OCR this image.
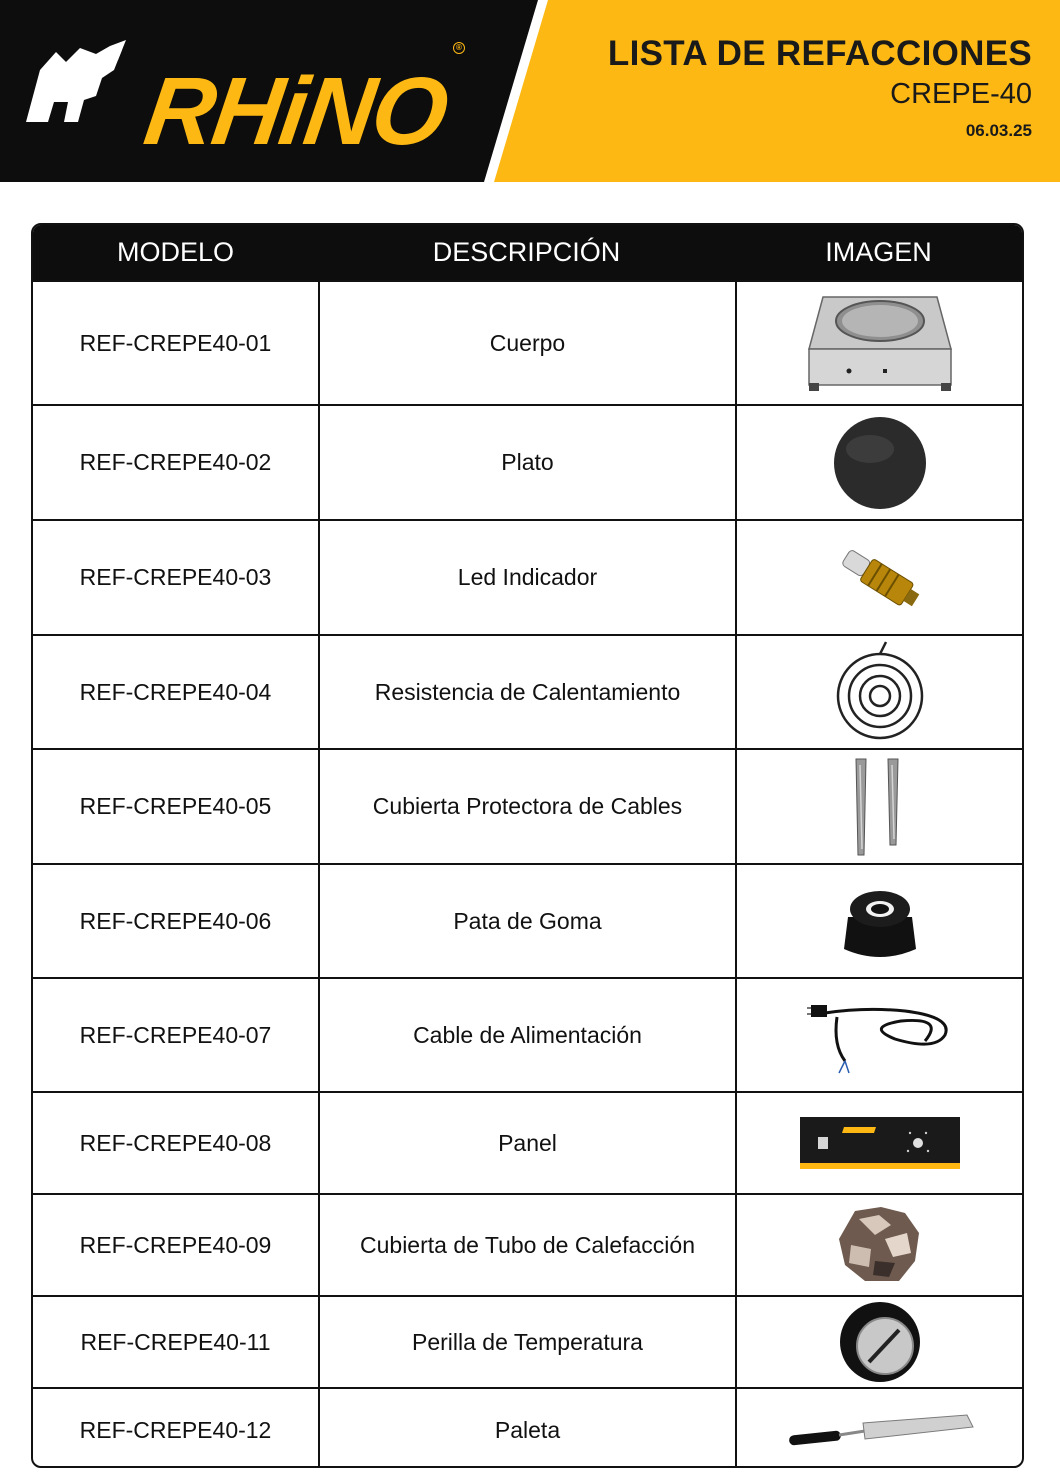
RHiNO
®	LISTA DE REFACCIONES
CREPE-40
06.03.25
MODELO	DESCRIPCIÓN	IMAGEN
REF-CREPE40-01	Cuerpo
REF-CREPE40-02	Plato
REF-CREPE40-03	Led Indicador
REF-CREPE40-04	Resistencia de Calentamiento
REF-CREPE40-05	Cubierta Protectora de Cables
REF-CREPE40-06	Pata de Goma
REF-CREPE40-07	Cable de Alimentación
REF-CREPE40-08	Panel
REF-CREPE40-09	Cubierta de Tubo de Calefacción
REF-CREPE40-11	Perilla de Temperatura
REF-CREPE40-12	Paleta
